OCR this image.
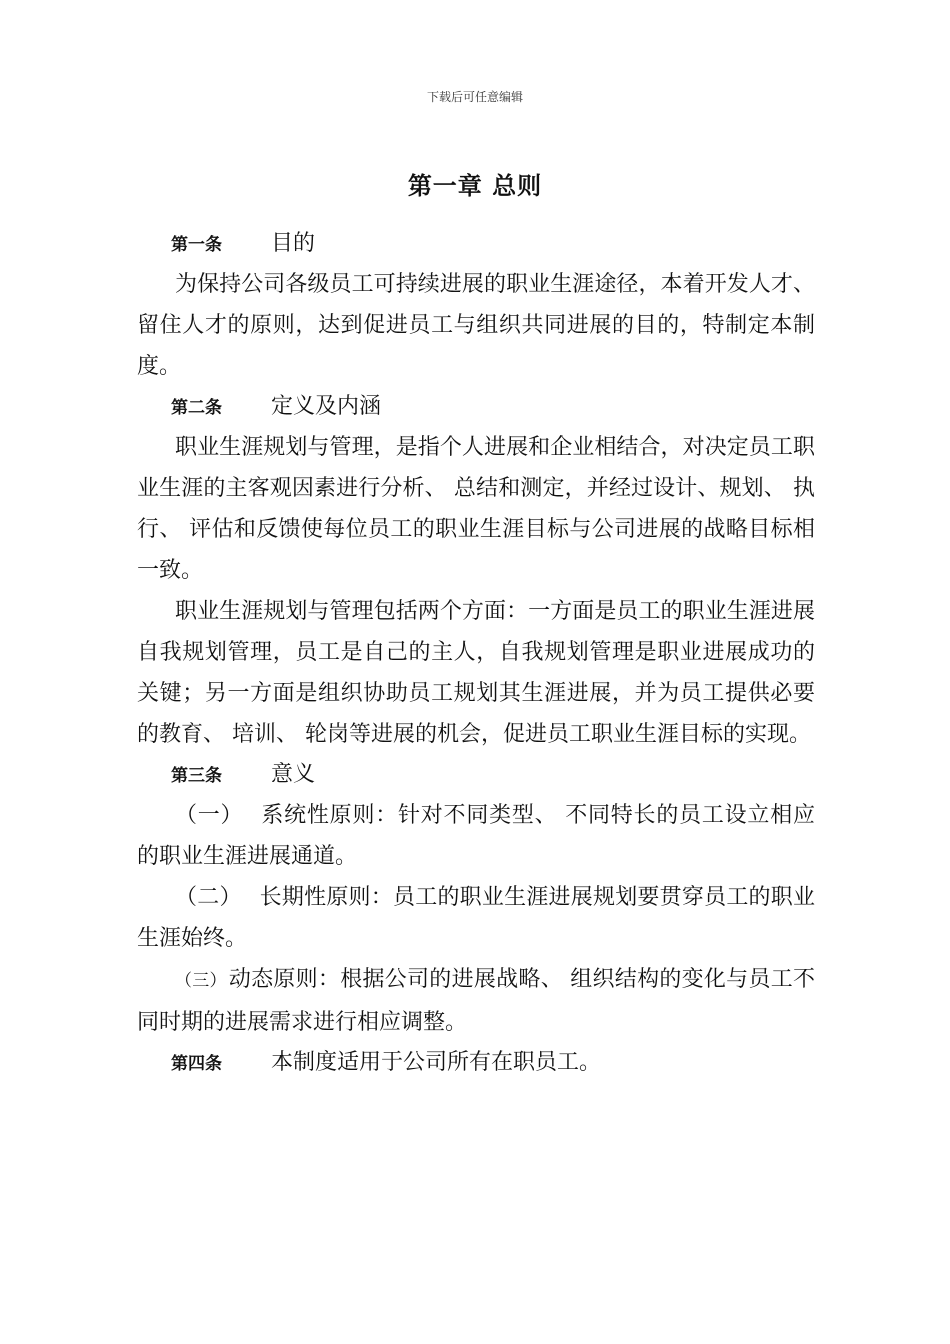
下载后可任意编辑
第一章 总则
第一条 目的

为保持公司各级员工可持续进展的职业生涯途径，本着开发人才、 留住人才的原则，达到促进员工与组织共同进展的目的，特制定本制度。

第二条 定义及内涵

职业生涯规划与管理，是指个人进展和企业相结合，对决定员工职业生涯的主客观因素进行分析、 总结和测定，并经过设计、规划、 执行、 评估和反馈使每位员工的职业生涯目标与公司进展的战略目标相一致。

职业生涯规划与管理包括两个方面：一方面是员工的职业生涯进展自我规划管理，员工是自己的主人，自我规划管理是职业进展成功的关键；另一方面是组织协助员工规划其生涯进展，并为员工提供必要的教育、 培训、 轮岗等进展的机会，促进员工职业生涯目标的实现。

第三条 意义

（一） 系统性原则：针对不同类型、 不同特长的员工设立相应的职业生涯进展通道。

（二） 长期性原则：员工的职业生涯进展规划要贯穿员工的职业生涯始终。

（三）动态原则：根据公司的进展战略、 组织结构的变化与员工不同时期的进展需求进行相应调整。

第四条 本制度适用于公司所有在职员工。
